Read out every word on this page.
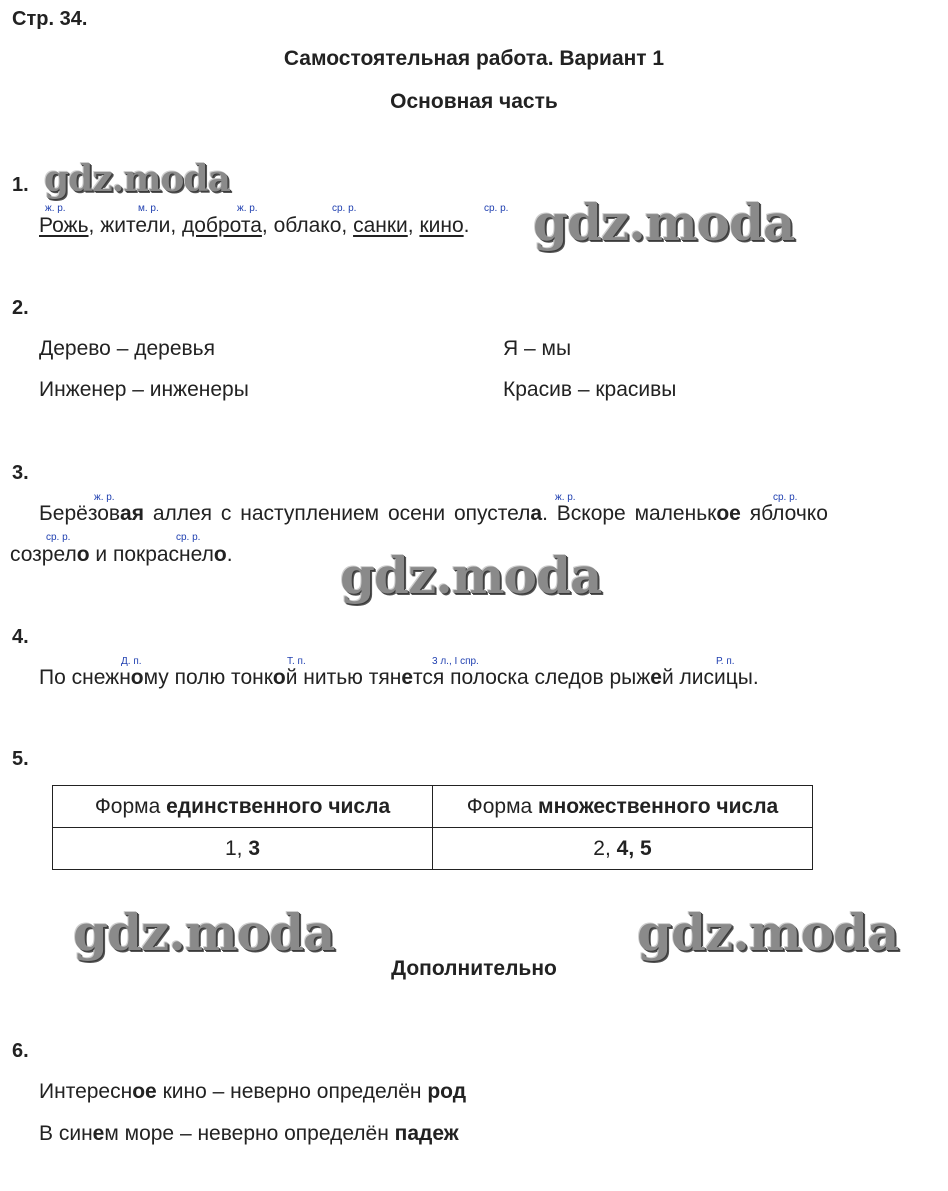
Стр. 34.
Самостоятельная работа. Вариант 1
Основная часть
1. gdz.moda
Рожь, жители, доброта, облако, санки, кино.
ж. р.	м. р.	ж. р.	ср. р.	ср. р. gdz.moda
2.
Дерево – деревья	Я – мы
Инженер – инженеры	Красив – красивы
3.
ж. р.	ж. р.	ср. р.
Берёзовая аллея с наступлением осени опустела. Вскоре маленькое яблочко
ср. р.	ср. р.
созрело и покраснело. gdz.moda
4.
Д. п.	Т. п.	3 л., I спр.	Р. п.
По снежному полю тонкой нитью тянется полоска следов рыжей лисицы.
5.
Форма единственного числа	Форма множественного числа
1, 3	2, 4, 5
gdz.moda	gdz.moda
Дополнительно
6.
Интересное кино – неверно определён род
В синем море – неверно определён падеж
